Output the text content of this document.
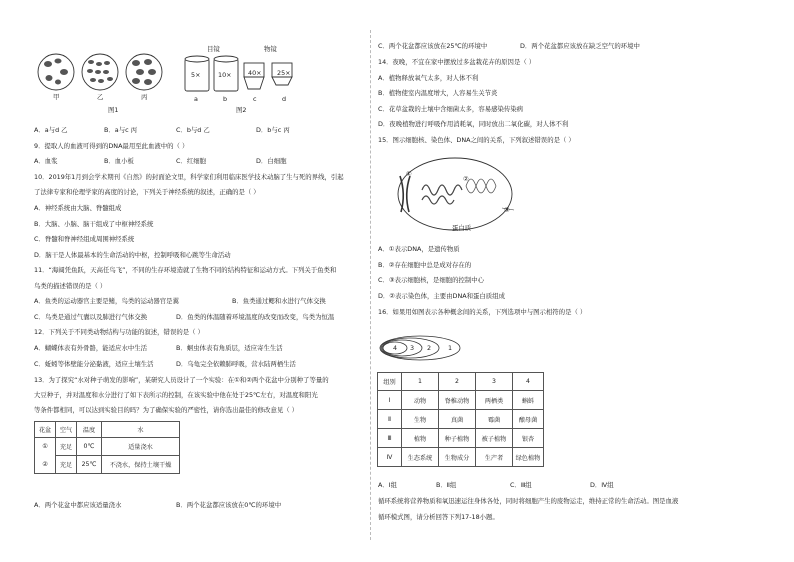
甲	乙	丙
图1
目镜	物镜
5×	10×	40× 25×
a	b	c	d
图2
A．a与d 乙	B．a与c 丙	C．b与d 乙	D．b与c 丙
9．提取人的血液可得到的DNA最用至此血液中的（ ）
A．血浆	B．血小板	C．红细胞	D．白细胞
10．2019年1月到会学术期刊《自然》的封面论文里，科学家们利用临床医学技术动脑了生与死的界线，引起
了法律专家和伦理学家的高度的讨论，下列关于神经系统的叙述，正确的是（ ）
A．神经系统由大脑、脊髓组成
B．大脑、小脑、脑干组成了中枢神经系统
C．脊髓和脊神经组成周围神经系统
D．脑干是人体最基本的生命活动的中枢，控制呼吸和心跳等生命活动
11．“海阔凭鱼跃，天高任鸟飞”，不同的生存环境造就了生物不同的结构特征和运动方式。下列关于鱼类和
鸟类的描述错误的是（ ）
A．鱼类的运动器官主要是鳍，鸟类的运动器官是翼	B．鱼类通过鳃和水进行气体交换
C．鸟类是通过气囊以及肺进行气体交换	D．鱼类的体温随着环境温度的改变而改变，鸟类为恒温
12．下列关于不同类动物结构与功能的叙述，错误的是（ ）
A．蝴蝶体表有外骨骼，能适应水中生活	B．蛔虫体表有角质层，适应寄生生活
C．蚯蚓等体壁能分泌黏液，适应土壤生活	D．乌龟完全依赖肺呼吸，营水陆两栖生活
13．为了探究“水对种子萌发的影响”，某研究人员设计了一个实验：在①和②两个花盆中分别种了等量的
大豆种子，并对温度和水分进行了如下表所示的控制，在该实验中他在处于25℃左右，对温度和阳光
等条件都相同，可以达到实验目的吗？为了确保实验的严密性，请你选出最佳的修改意见（ ）
花盆	空气	温度	水
①	充足	0℃	适量浇水
②	充足	25℃	不浇水，保持土壤干燥
A．两个花盆中都应该适量浇水	B．两个花盆都应该放在0℃的环境中
C．两个花盆都应该放在25℃的环境中	D．两个花盆都应该放在缺乏空气的环境中
14．夜晚，不宜在家中摆放过多盆栽花卉的原因是（ ）
A．植物释放氧气太多，对人体不利
B．植物使室内温度增大，人容易生关节炎
C．花草盆栽的土壤中含细菌太多，容易感染传染病
D．夜晚植物进行呼吸作用消耗氧，同时放出二氧化碳，对人体不利
15．图示细胞核、染色体、DNA之间的关系，下列叙述错误的是（ ）
①
②
③
蛋白质
A．①表示DNA，是遗传物质
B．②存在细胞中总是成对存在的
C．③表示细胞核，是细胞的控制中心
D．②表示染色体，主要由DNA和蛋白质组成
16．如果用如图表示各种概念间的关系，下列选项中与图示相符的是（ ）
4 3 2	1
组别	1	2	3	4
Ⅰ	动物	脊椎动物	两栖类	蝌蚪
Ⅱ	生物	真菌	霉菌	酿母菌
Ⅲ	植物	种子植物	被子植物	银杏
Ⅳ	生态系统	生物成分	生产者	绿色植物
A．Ⅰ组	B．Ⅱ组	C．Ⅲ组	D．Ⅳ组
循环系统将营养物质和氧迅速运往身体各处，同时将细胞产生的废物运走，维持正常的生命活动。图是血液
循环模式图，请分析回答下列17-18小题。
